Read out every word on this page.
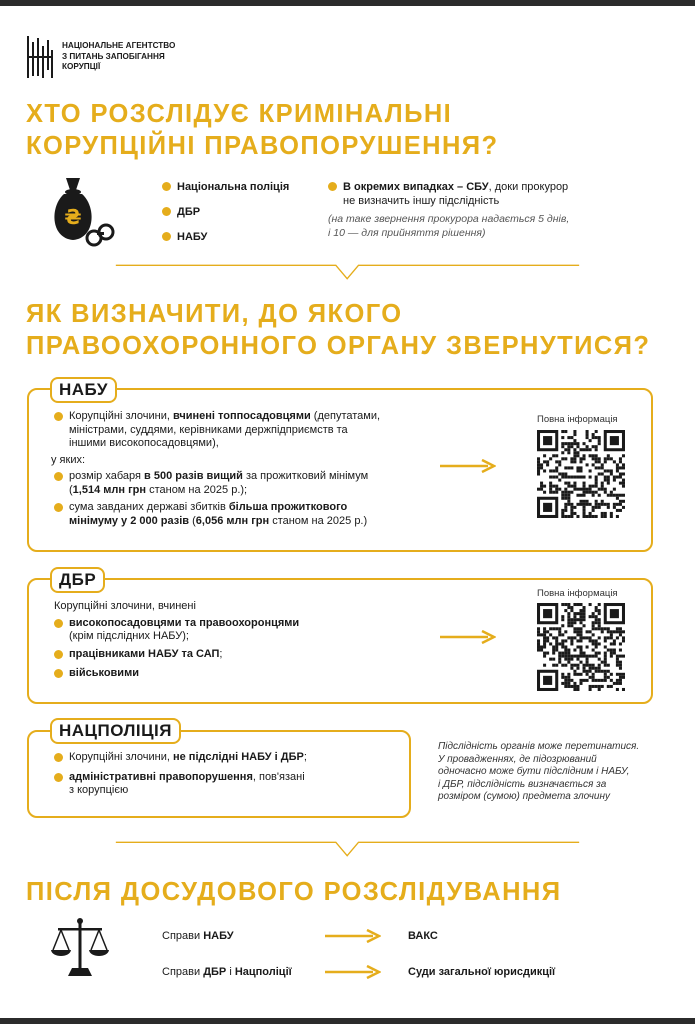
НАЦІОНАЛЬНЕ АГЕНТСТВО
З ПИТАНЬ ЗАПОБІГАННЯ
КОРУПЦІЇ
ХТО РОЗСЛІДУЄ КРИМІНАЛЬНІ
КОРУПЦІЙНІ ПРАВОПОРУШЕННЯ?
₴
Національна поліція
ДБР
НАБУ
В окремих випадках – СБУ, доки прокурор
не визначить іншу підслідність
(на таке звернення прокурора надається 5 днів,
і 10 — для прийняття рішення)
ЯК ВИЗНАЧИТИ, ДО ЯКОГО
ПРАВООХОРОННОГО ОРГАНУ ЗВЕРНУТИСЯ?
Корупційні злочини, вчинені топпосадовцями (депутатами,
міністрами, суддями, керівниками держпідприємств та
іншими високопосадовцями),
у яких:
розмір хабаря в 500 разів вищий за прожитковий мінімум
(1,514 млн грн станом на 2025 р.);
сума завданих державі збитків більша прожиткового
мінімуму у 2 000 разів (6,056 млн грн станом на 2025 р.)
НАБУ
Повна інформація
Корупційні злочини, вчинені
високопосадовцями та правоохоронцями
(крім підслідних НАБУ);
працівниками НАБУ та САП;
військовими
ДБР
Повна інформація
Корупційні злочини, не підслідні НАБУ і ДБР;
адміністративні правопорушення, пов'язані
з корупцією
НАЦПОЛІЦІЯ
Підслідність органів може перетинатися.
У провадженнях, де підозрюваний
одночасно може бути підслідним і НАБУ,
і ДБР, підслідність визначається за
розміром (сумою) предмета злочину
ПІСЛЯ ДОСУДОВОГО РОЗСЛІДУВАННЯ
Справи НАБУ	ВАКС
Справи ДБР і Нацполіції	Суди загальної юрисдикції
